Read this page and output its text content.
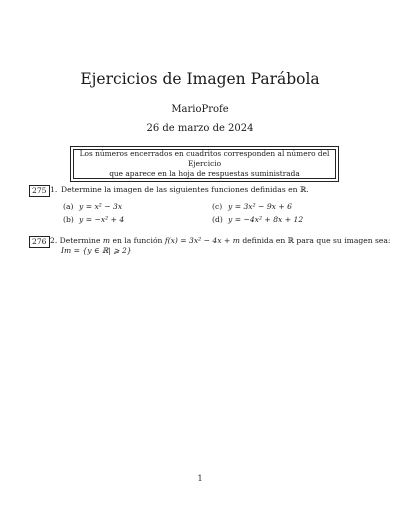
Ejercicios de Imagen Parábola
MarioProfe
26 de marzo de 2024
Los números encerrados en cuadritos corresponden al número del Ejercicio
que aparece en la hoja de respuestas suministrada
275 1. Determine la imagen de las siguientes funciones definidas en ℝ.
(a) y = x² − 3x
(b) y = −x² + 4
(c) y = 3x² − 9x + 6
(d) y = −4x² + 8x + 12
276 2. Determine m en la función f(x) = 3x² − 4x + m definida en ℝ para que su imagen sea:
Im = {y ∈ ℝ| ⩾ 2}
1
